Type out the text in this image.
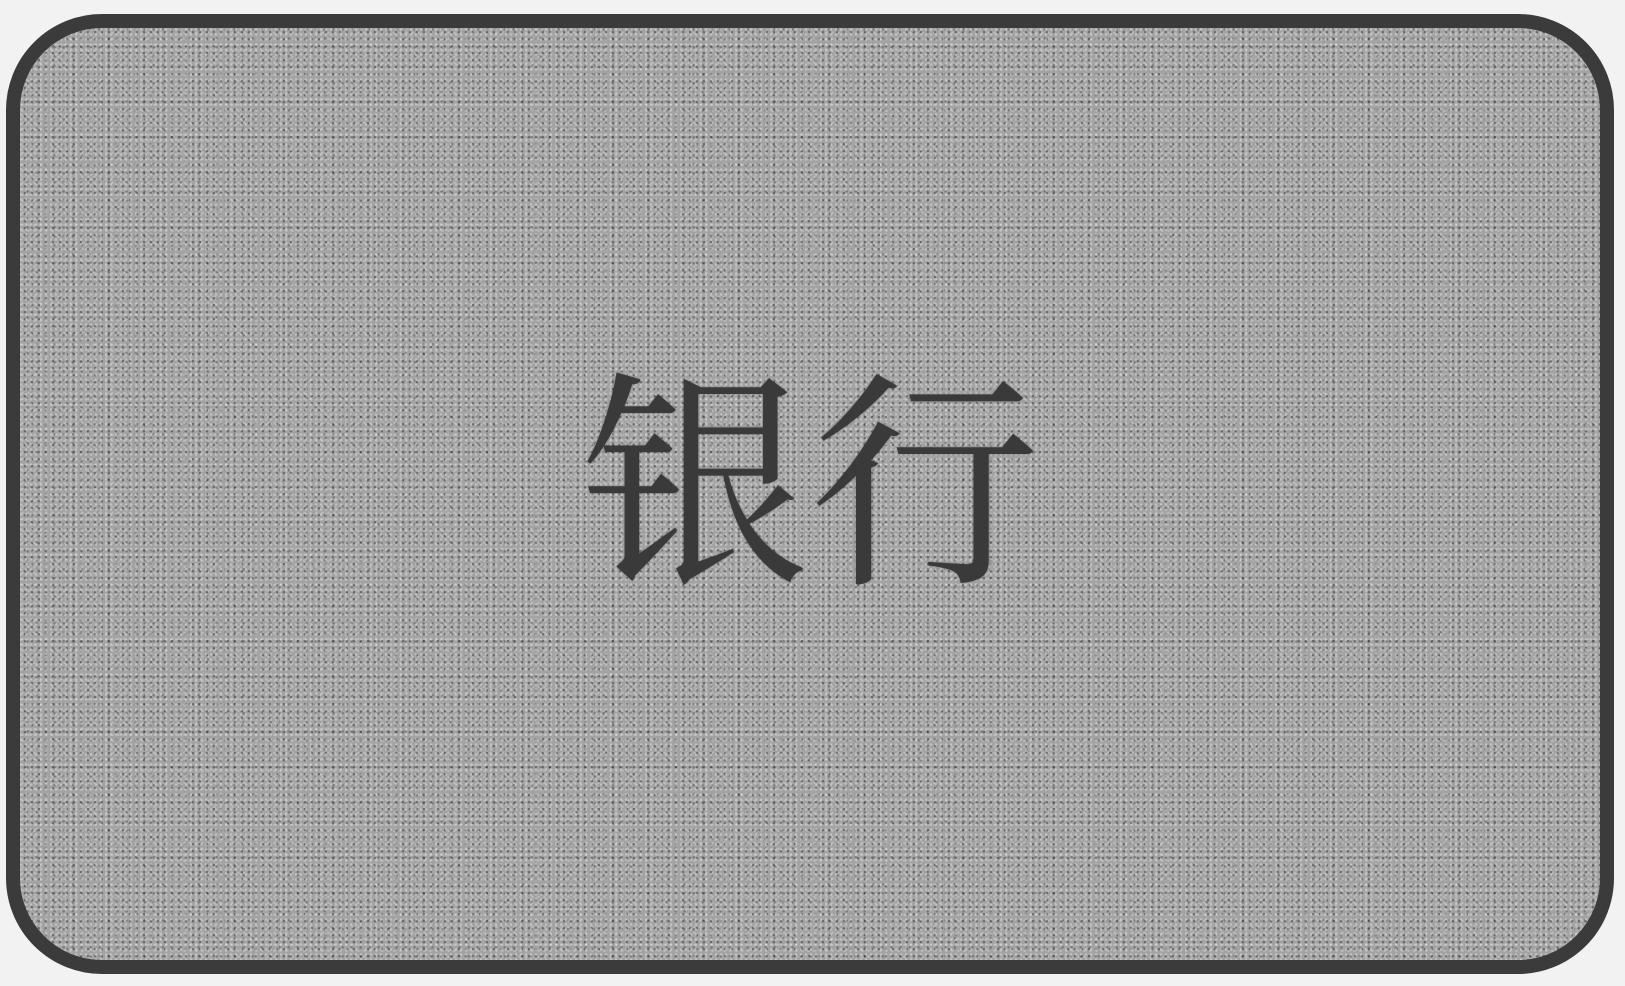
银行
